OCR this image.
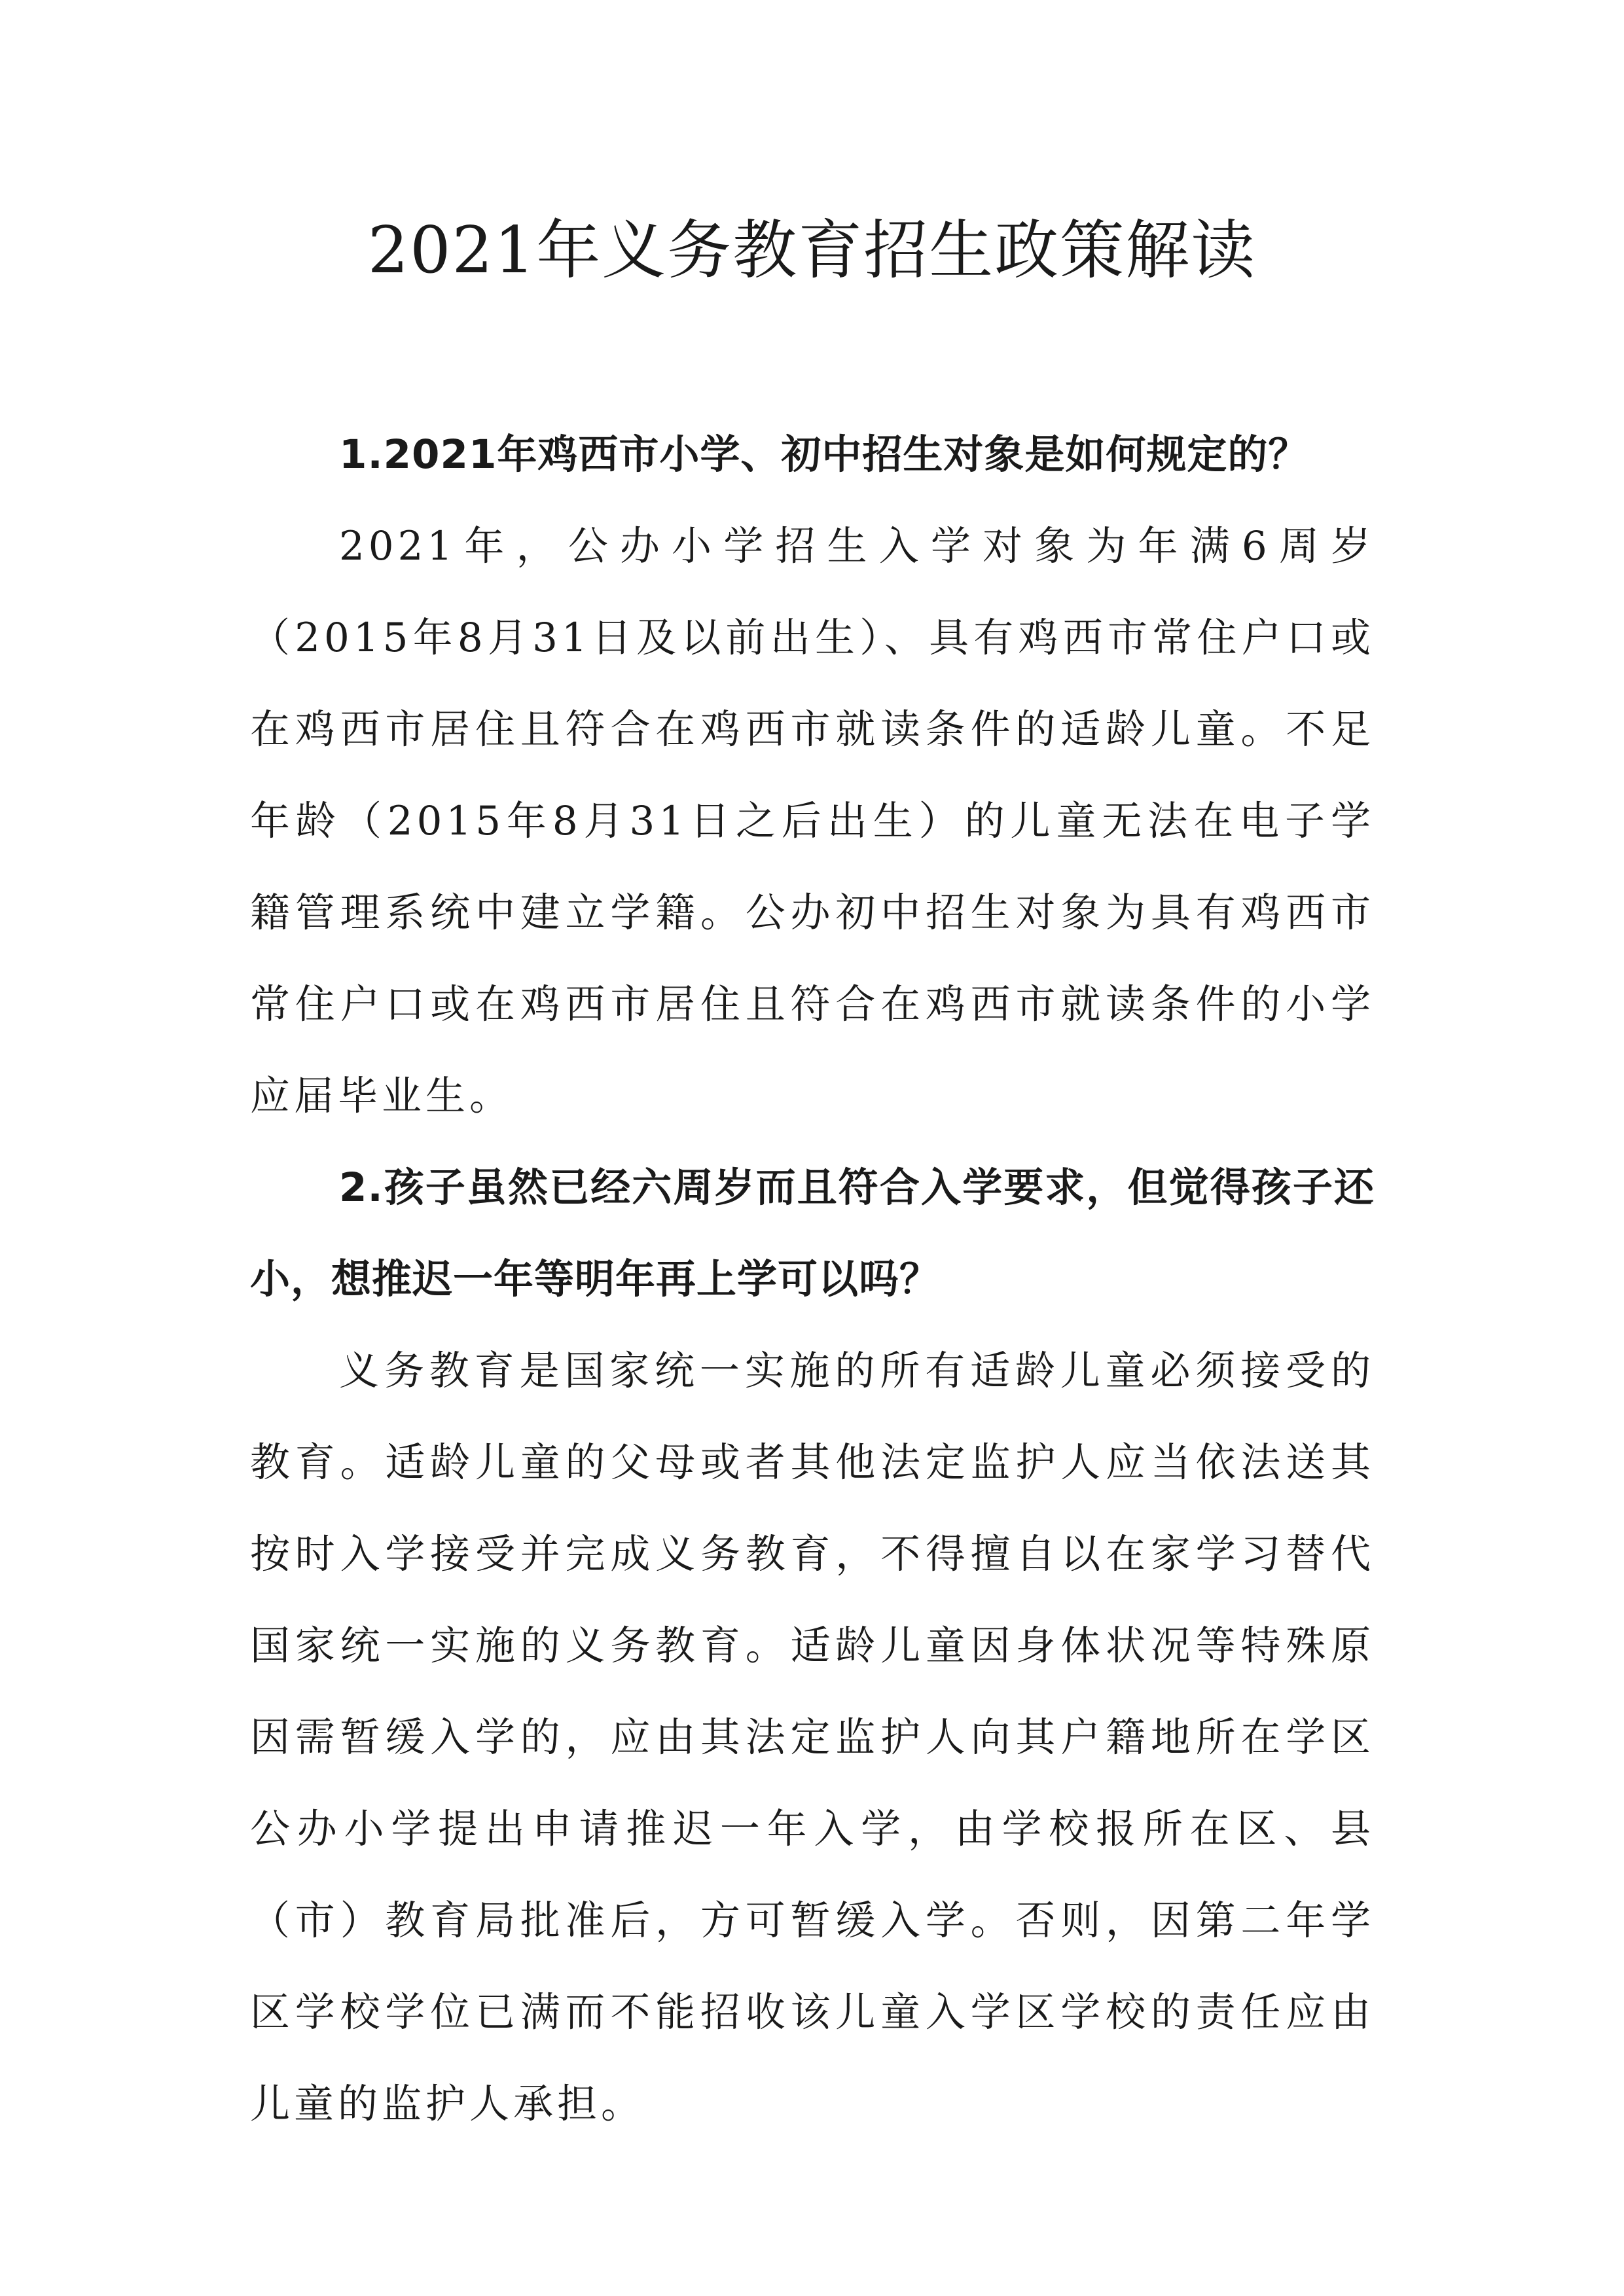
2021年义务教育招生政策解读

1.2021年鸡西市小学、初中招生对象是如何规定的？

2021年，公办小学招生入学对象为年满6周岁（2015年8月31日及以前出生）、具有鸡西市常住户口或在鸡西市居住且符合在鸡西市就读条件的适龄儿童。不足年龄（2015年8月31日之后出生）的儿童无法在电子学籍管理系统中建立学籍。公办初中招生对象为具有鸡西市常住户口或在鸡西市居住且符合在鸡西市就读条件的小学应届毕业生。

2.孩子虽然已经六周岁而且符合入学要求，但觉得孩子还小，想推迟一年等明年再上学可以吗？

义务教育是国家统一实施的所有适龄儿童必须接受的教育。适龄儿童的父母或者其他法定监护人应当依法送其按时入学接受并完成义务教育，不得擅自以在家学习替代国家统一实施的义务教育。适龄儿童因身体状况等特殊原因需暂缓入学的，应由其法定监护人向其户籍地所在学区公办小学提出申请推迟一年入学，由学校报所在区、县（市）教育局批准后，方可暂缓入学。否则，因第二年学区学校学位已满而不能招收该儿童入学区学校的责任应由儿童的监护人承担。
